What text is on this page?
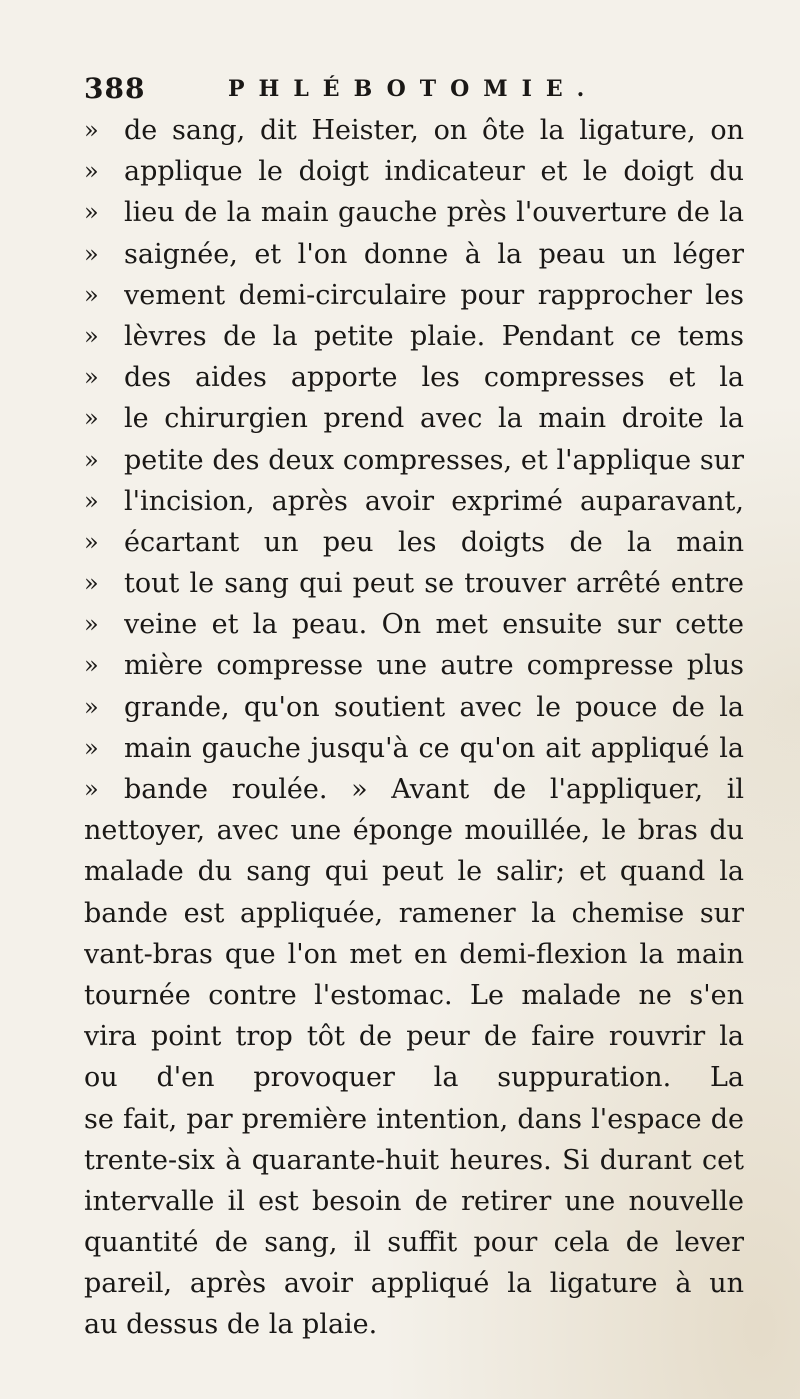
388	PHLÉBOTOMIE.
» de sang, dit Heister, on ôte la ligature, on
» applique le doigt indicateur et le doigt du
» lieu de la main gauche près l'ouverture de la
» saignée, et l'on donne à la peau un léger
» vement demi-circulaire pour rapprocher les
» lèvres de la petite plaie. Pendant ce tems
» des aides apporte les compresses et la
» le chirurgien prend avec la main droite la
» petite des deux compresses, et l'applique sur
» l'incision, après avoir exprimé auparavant,
» écartant un peu les doigts de la main
» tout le sang qui peut se trouver arrêté entre
» veine et la peau. On met ensuite sur cette
» mière compresse une autre compresse plus
» grande, qu'on soutient avec le pouce de la
» main gauche jusqu'à ce qu'on ait appliqué la
» bande roulée. » Avant de l'appliquer, il
nettoyer, avec une éponge mouillée, le bras du
malade du sang qui peut le salir; et quand la
bande est appliquée, ramener la chemise sur
vant-bras que l'on met en demi-flexion la main
tournée contre l'estomac. Le malade ne s'en
vira point trop tôt de peur de faire rouvrir la
ou d'en provoquer la suppuration. La
se fait, par première intention, dans l'espace de
trente-six à quarante-huit heures. Si durant cet
intervalle il est besoin de retirer une nouvelle
quantité de sang, il suffit pour cela de lever
pareil, après avoir appliqué la ligature à un
au dessus de la plaie.
